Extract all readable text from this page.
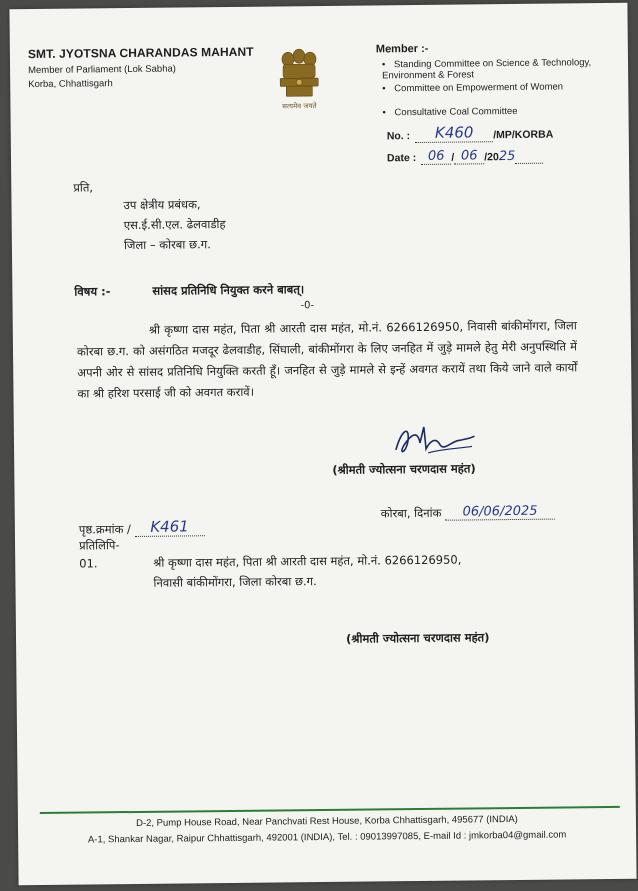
SMT. JYOTSNA CHARANDAS MAHANT
Member of Parliament (Lok Sabha)
Korba, Chhattisgarh
सत्यमेव जयते
Member :-
• Standing Committee on Science & Technology, Environment & Forest
• Committee on Empowerment of Women
• Consultative Coal Committee
No. : K460 /MP/KORBA
Date : 06 / 06 /2025
प्रति,
उप क्षेत्रीय प्रबंधक,
एस.ई.सी.एल. ढेलवाडीह
जिला – कोरबा छ.ग.
विषय :-	सांसद प्रतिनिधि नियुक्त करने बाबत्।
-0-
श्री कृष्णा दास महंत, पिता श्री आरती दास महंत, मो.नं. 6266126950, निवासी बांकीमोंगरा, जिला कोरबा छ.ग. को असंगठित मजदूर ढेलवाडीह, सिंघाली, बांकीमोंगरा के लिए जनहित में जुड़े मामले हेतु मेरी अनुपस्थिति में अपनी ओर से सांसद प्रतिनिधि नियुक्ति करती हूँ। जनहित से जुड़े मामले से इन्हें अवगत करायें तथा किये जाने वाले कार्यों का श्री हरिश परसाई जी को अवगत करावें।
(श्रीमती ज्योत्सना चरणदास महंत)
पृष्ठ.क्रमांक / K461
कोरबा, दिनांक 06/06/2025
प्रतिलिपि-
01.	श्री कृष्णा दास महंत, पिता श्री आरती दास महंत, मो.नं. 6266126950,
निवासी बांकीमोंगरा, जिला कोरबा छ.ग.
(श्रीमती ज्योत्सना चरणदास महंत)
D-2, Pump House Road, Near Panchvati Rest House, Korba Chhattisgarh, 495677 (INDIA)
A-1, Shankar Nagar, Raipur Chhattisgarh, 492001 (INDIA), Tel. : 09013997085, E-mail Id : jmkorba04@gmail.com
